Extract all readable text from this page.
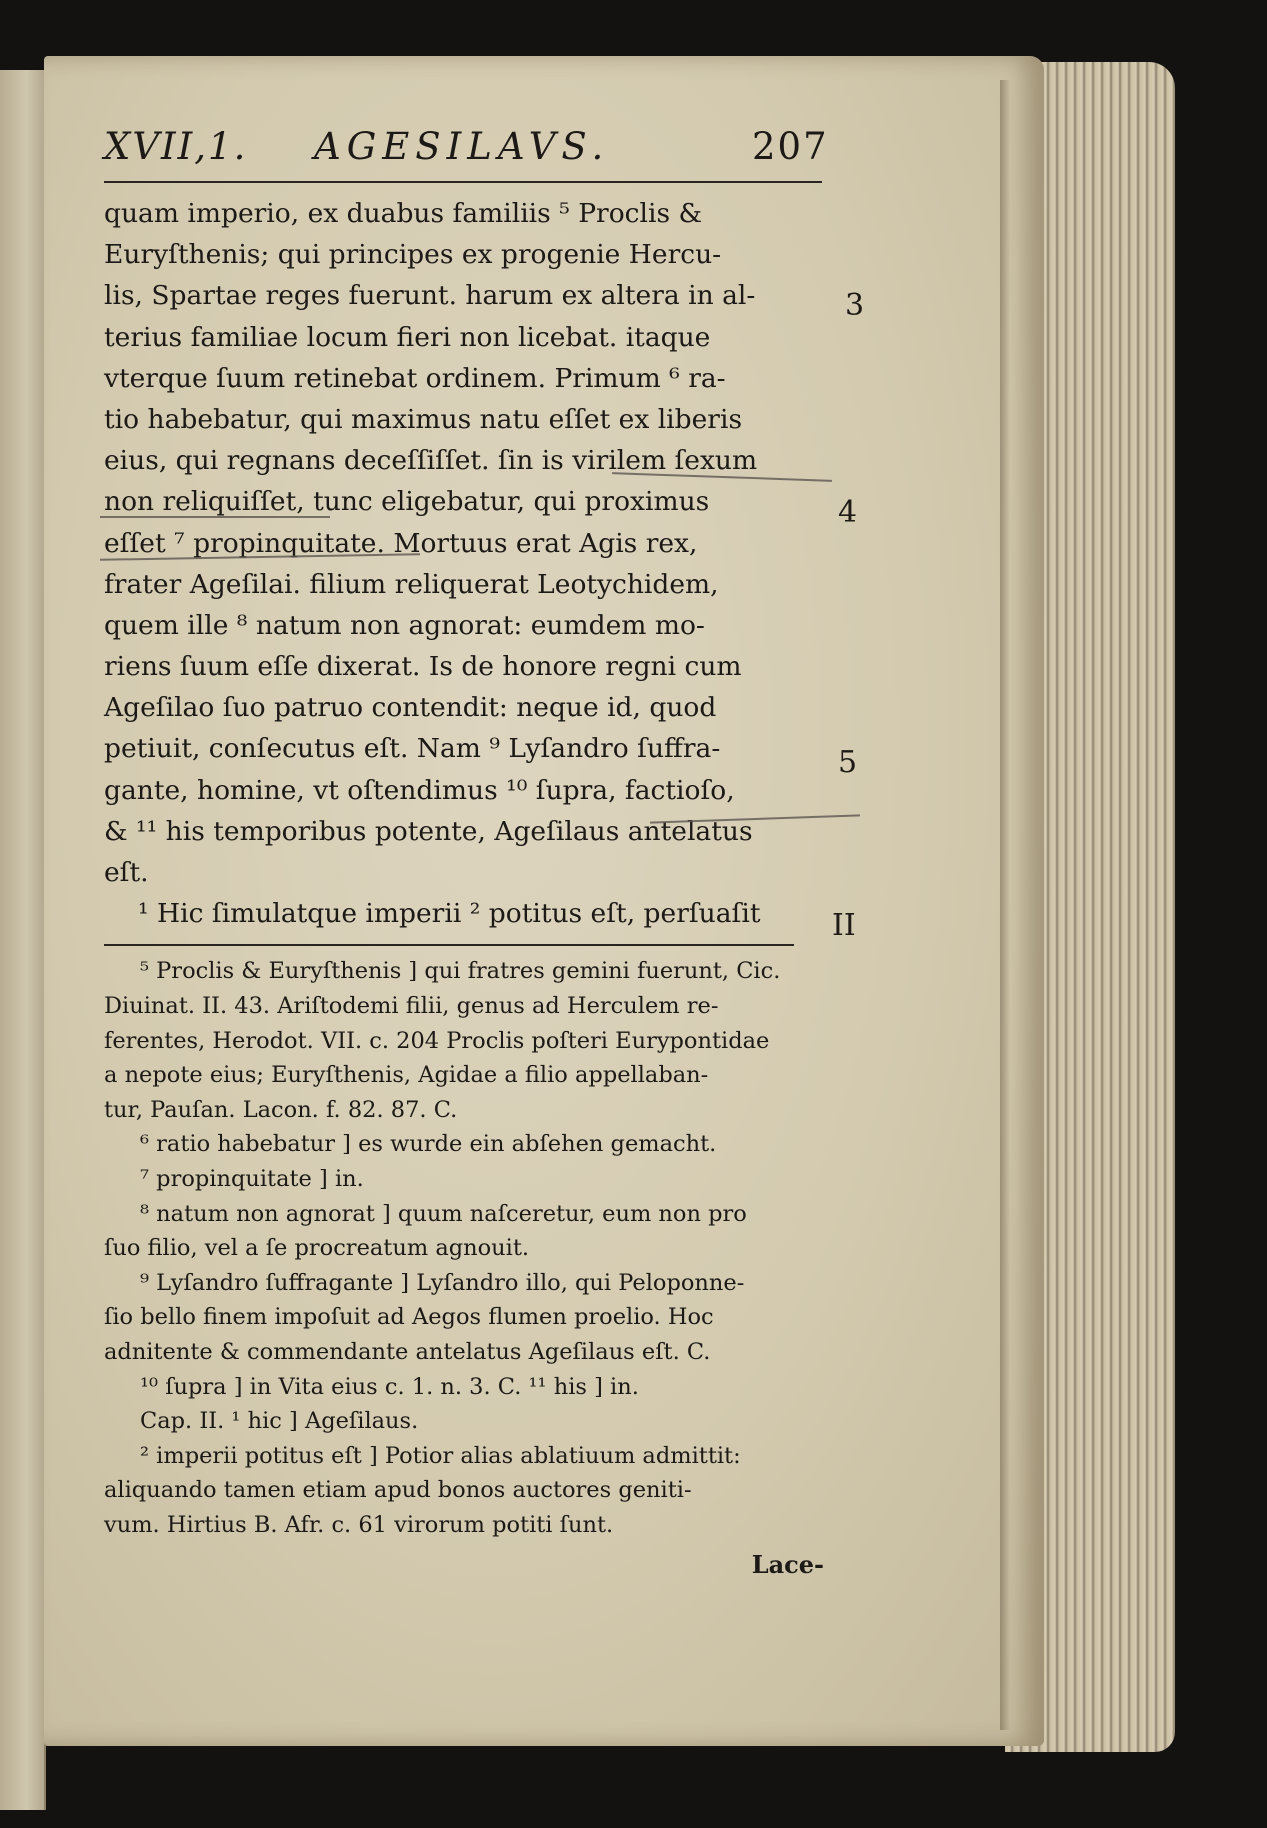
XVII,1. AGESILAVS.	207
quam imperio, ex duabus familiis ⁵ Proclis &
Euryſthenis; qui principes ex progenie Hercu-
lis, Spartae reges fuerunt. harum ex altera in al-
terius familiae locum fieri non licebat. itaque
vterque ſuum retinebat ordinem. Primum ⁶ ra-
tio habebatur, qui maximus natu eſſet ex liberis
eius, qui regnans deceſſiſſet. ſin is virilem ſexum
non reliquiſſet, tunc eligebatur, qui proximus
eſſet ⁷ propinquitate. Mortuus erat Agis rex,
frater Ageſilai. filium reliquerat Leotychidem,
quem ille ⁸ natum non agnorat: eumdem mo-
riens ſuum eſſe dixerat. Is de honore regni cum
Ageſilao ſuo patruo contendit: neque id, quod
petiuit, conſecutus eſt. Nam ⁹ Lyſandro ſuffra-
gante, homine, vt oſtendimus ¹⁰ ſupra, factioſo,
& ¹¹ his temporibus potente, Ageſilaus antelatus
eſt.
¹ Hic ſimulatque imperii ² potitus eſt, perſuaſit
⁵ Proclis & Euryſthenis ] qui fratres gemini fuerunt, Cic.
Diuinat. II. 43. Ariſtodemi filii, genus ad Herculem re-
ferentes, Herodot. VII. c. 204 Proclis poſteri Eurypontidae
a nepote eius; Euryſthenis, Agidae a filio appellaban-
tur, Pauſan. Lacon. f. 82. 87. C.
⁶ ratio habebatur ] es wurde ein abſehen gemacht.
⁷ propinquitate ] in.
⁸ natum non agnorat ] quum naſceretur, eum non pro
ſuo filio, vel a ſe procreatum agnouit.
⁹ Lyſandro ſuffragante ] Lyſandro illo, qui Peloponne-
ſio bello finem impoſuit ad Aegos flumen proelio. Hoc
adnitente & commendante antelatus Ageſilaus eſt. C.
¹⁰ ſupra ] in Vita eius c. 1. n. 3. C. ¹¹ his ] in.
Cap. II. ¹ hic ] Ageſilaus.
² imperii potitus eſt ] Potior alias ablatiuum admittit:
aliquando tamen etiam apud bonos auctores geniti-
vum. Hirtius B. Afr. c. 61 virorum potiti ſunt.
Lace-
3
4
5
II
